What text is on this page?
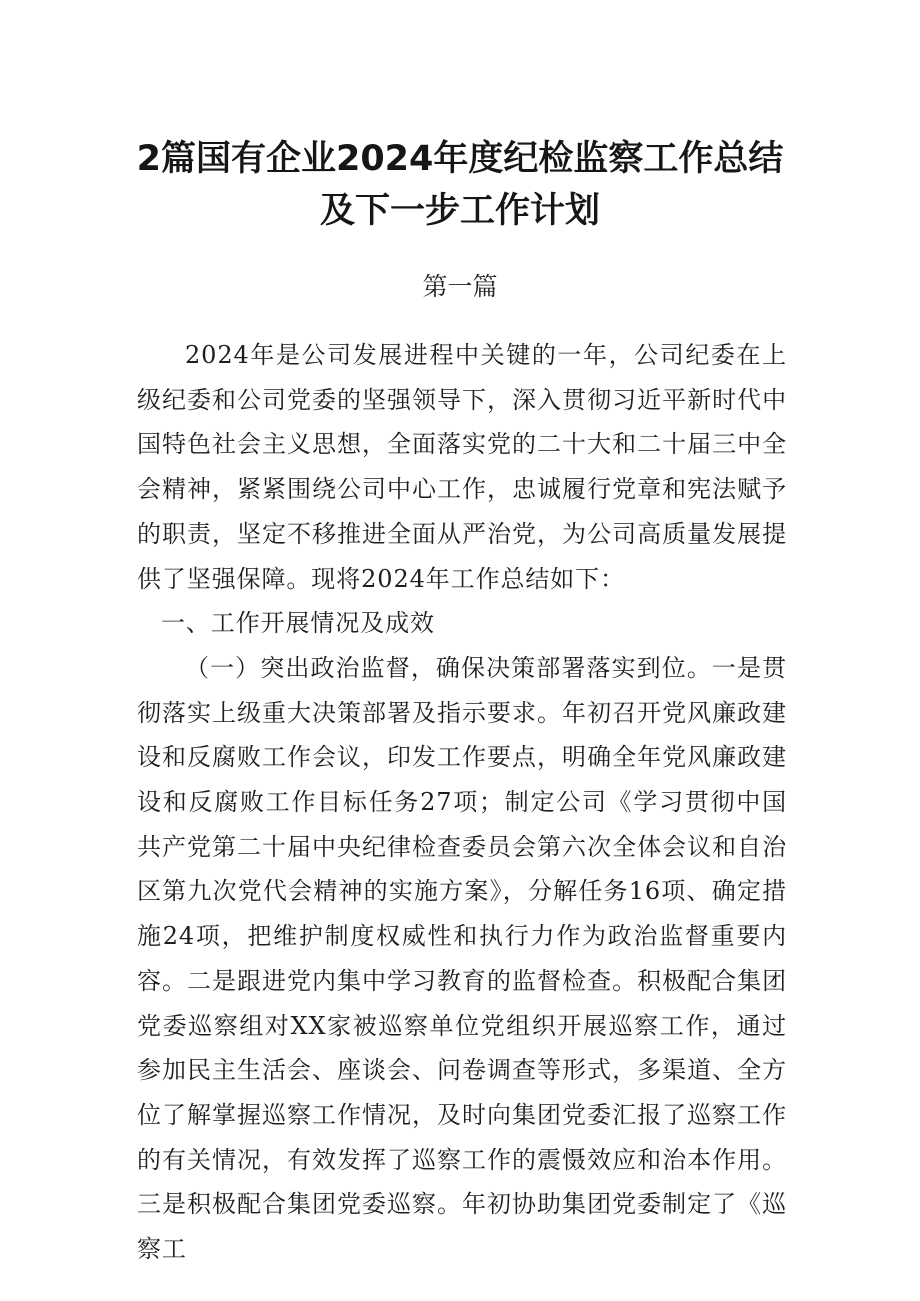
2篇国有企业2024年度纪检监察工作总结
及下一步工作计划
第一篇

2024年是公司发展进程中关键的一年，公司纪委在上级纪委和公司党委的坚强领导下，深入贯彻习近平新时代中国特色社会主义思想，全面落实党的二十大和二十届三中全会精神，紧紧围绕公司中心工作，忠诚履行党章和宪法赋予的职责，坚定不移推进全面从严治党，为公司高质量发展提供了坚强保障。现将2024年工作总结如下：

一、工作开展情况及成效

（一）突出政治监督，确保决策部署落实到位。一是贯彻落实上级重大决策部署及指示要求。年初召开党风廉政建设和反腐败工作会议，印发工作要点，明确全年党风廉政建设和反腐败工作目标任务27项；制定公司《学习贯彻中国共产党第二十届中央纪律检查委员会第六次全体会议和自治区第九次党代会精神的实施方案》，分解任务16项、确定措施24项，把维护制度权威性和执行力作为政治监督重要内容。二是跟进党内集中学习教育的监督检查。积极配合集团党委巡察组对XX家被巡察单位党组织开展巡察工作，通过参加民主生活会、座谈会、问卷调查等形式，多渠道、全方位了解掌握巡察工作情况，及时向集团党委汇报了巡察工作的有关情况，有效发挥了巡察工作的震慑效应和治本作用。三是积极配合集团党委巡察。年初协助集团党委制定了《巡察工
